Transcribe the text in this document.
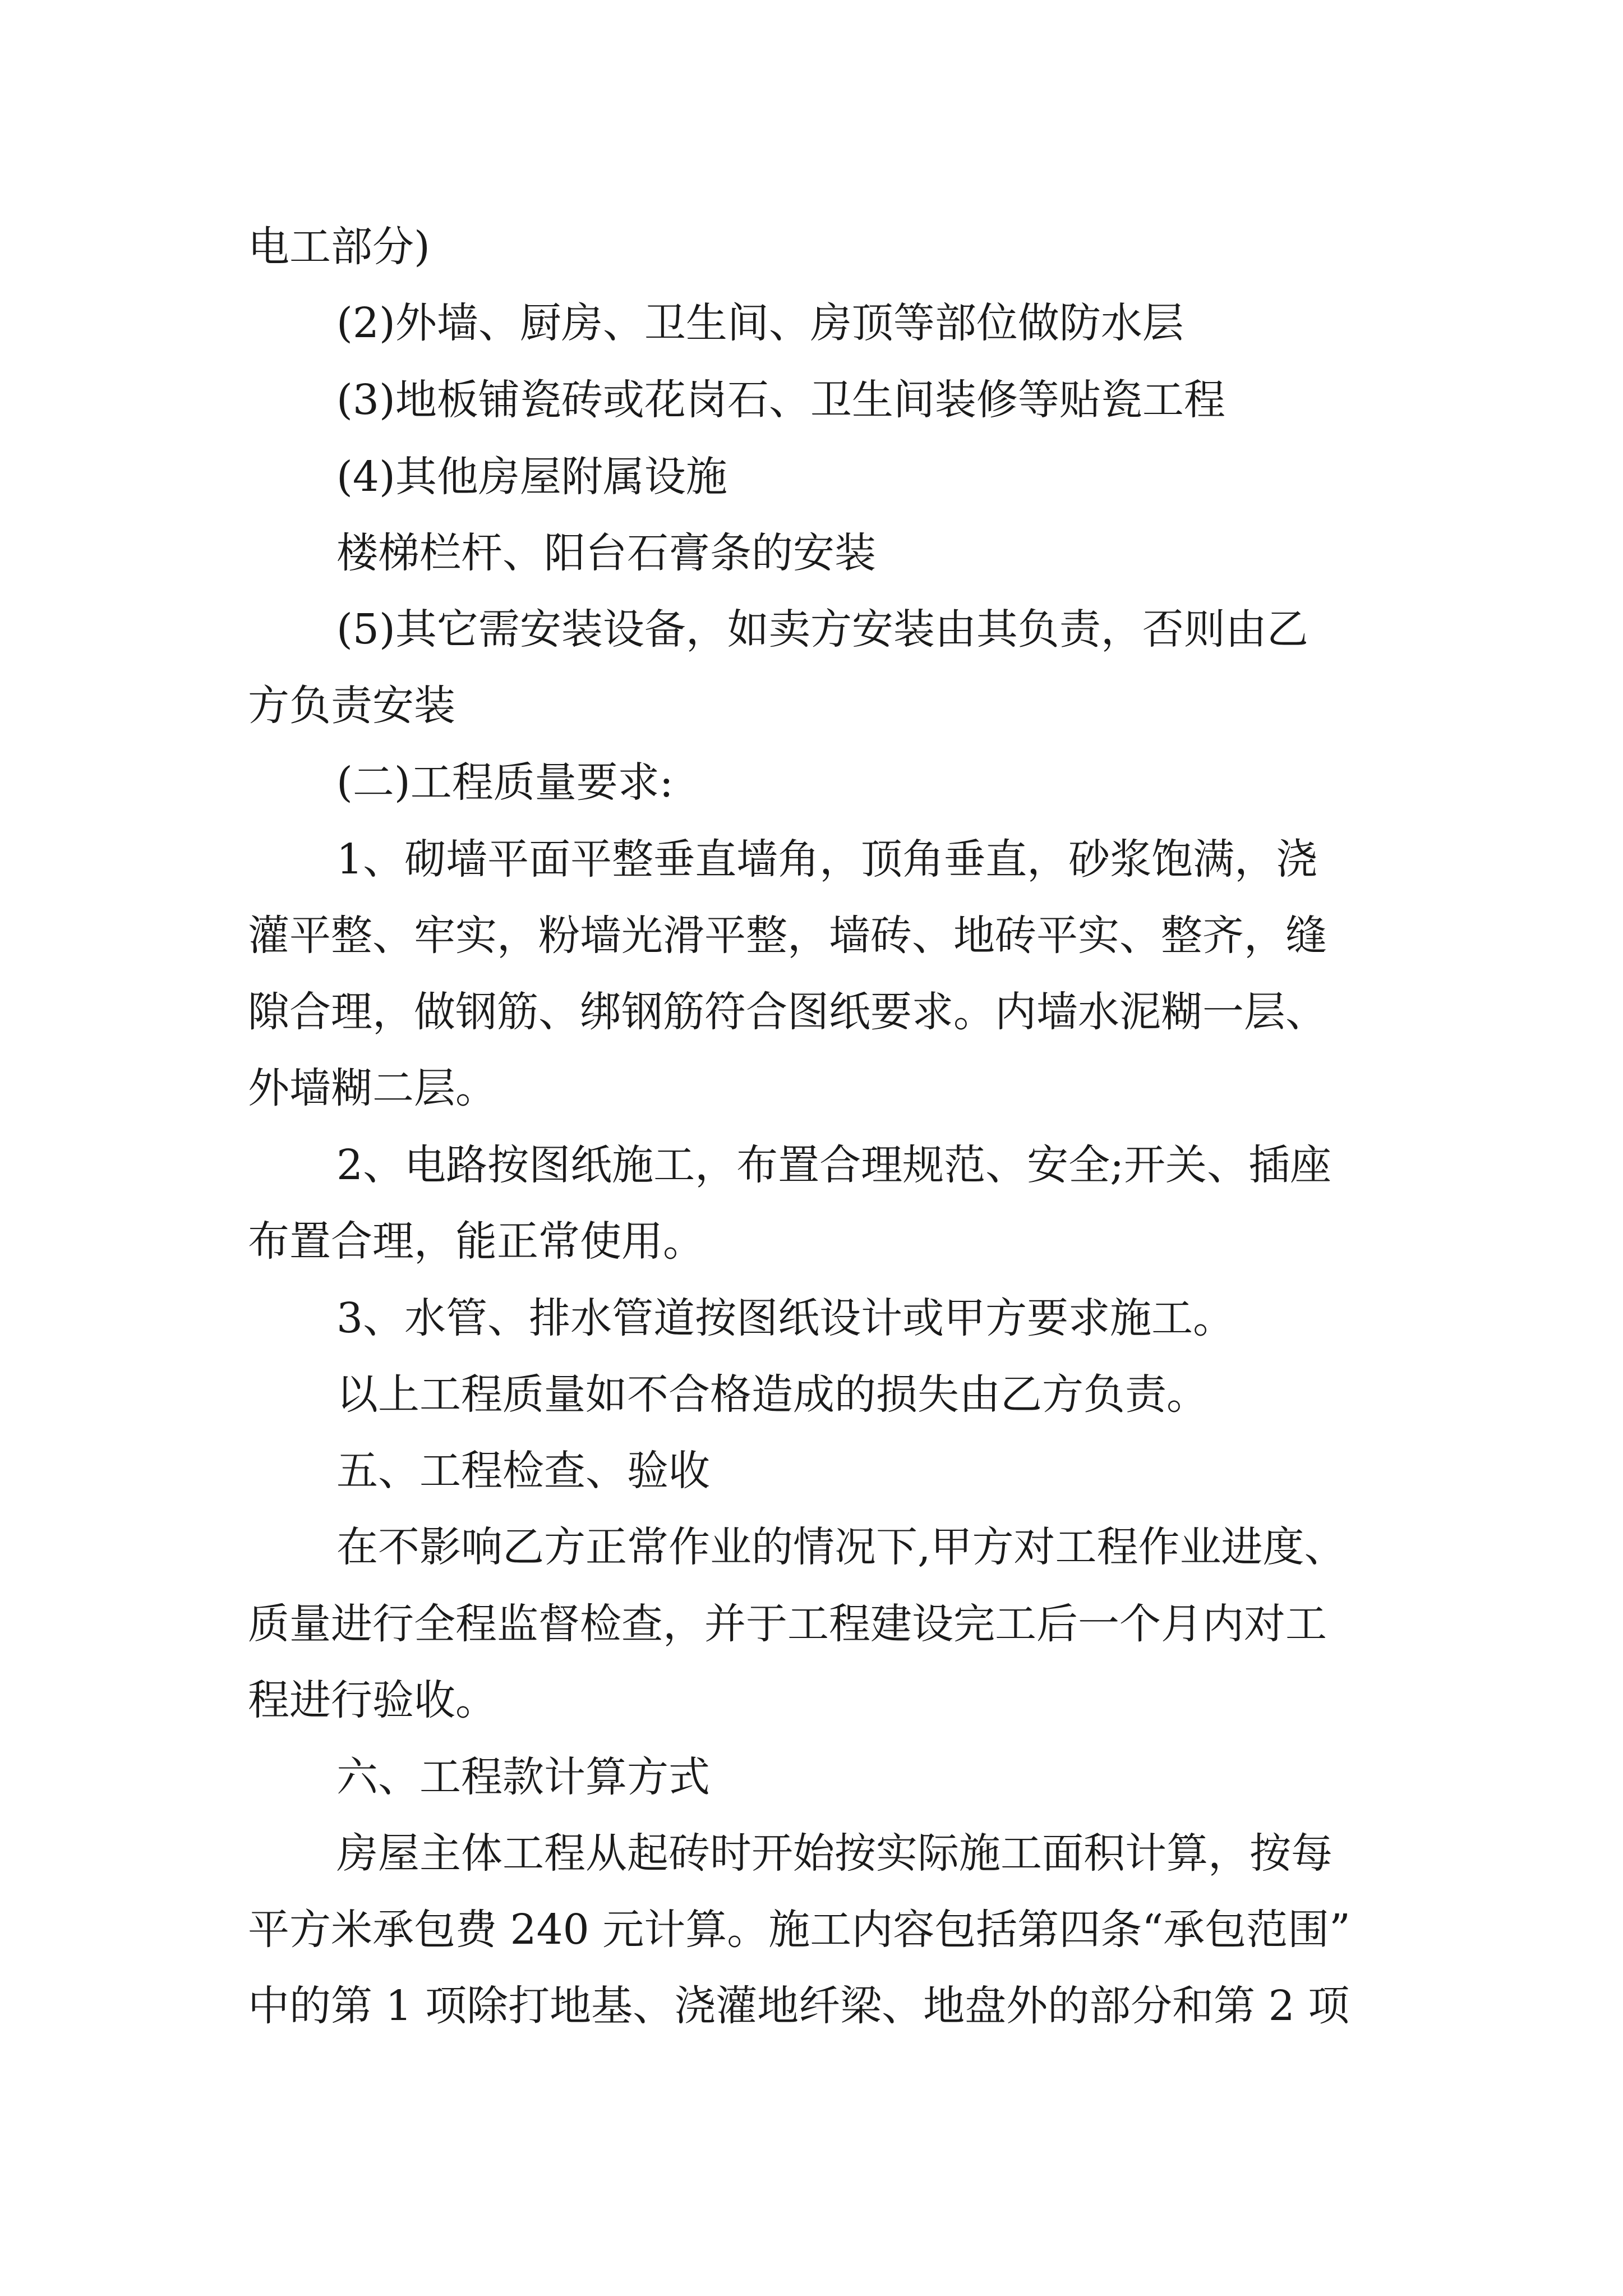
电工部分)
(2)外墙、厨房、卫生间、房顶等部位做防水层
(3)地板铺瓷砖或花岗石、卫生间装修等贴瓷工程
(4)其他房屋附属设施
楼梯栏杆、阳台石膏条的安装
(5)其它需安装设备，如卖方安装由其负责，否则由乙
方负责安装
(二)工程质量要求:
1、砌墙平面平整垂直墙角，顶角垂直，砂浆饱满，浇
灌平整、牢实，粉墙光滑平整，墙砖、地砖平实、整齐，缝
隙合理，做钢筋、绑钢筋符合图纸要求。内墙水泥糊一层、
外墙糊二层。
2、电路按图纸施工，布置合理规范、安全;开关、插座
布置合理，能正常使用。
3、水管、排水管道按图纸设计或甲方要求施工。
以上工程质量如不合格造成的损失由乙方负责。
五、工程检查、验收
在不影响乙方正常作业的情况下,甲方对工程作业进度、
质量进行全程监督检查，并于工程建设完工后一个月内对工
程进行验收。
六、工程款计算方式
房屋主体工程从起砖时开始按实际施工面积计算，按每
平方米承包费 240 元计算。施工内容包括第四条“承包范围”
中的第 1 项除打地基、浇灌地纤梁、地盘外的部分和第 2 项
